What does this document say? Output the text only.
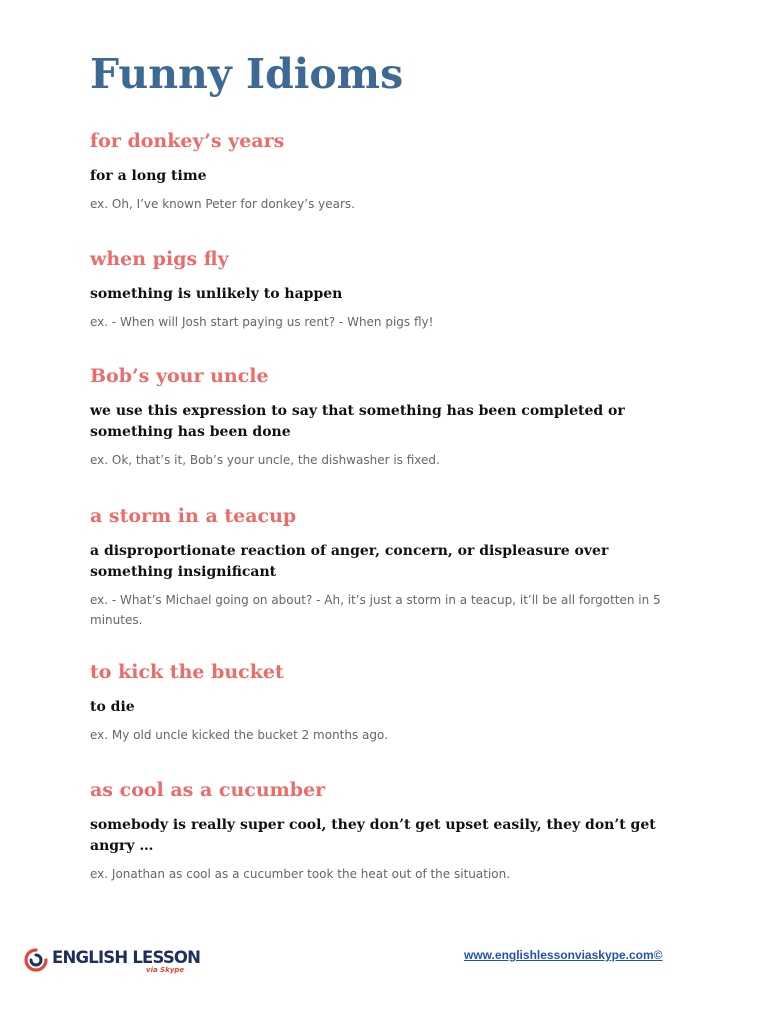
Funny Idioms
for donkey’s years

for a long time

ex. Oh, I’ve known Peter for donkey’s years.

when pigs fly

something is unlikely to happen

ex. - When will Josh start paying us rent? - When pigs fly!

Bob’s your uncle

we use this expression to say that something has been completed or something has been done

ex. Ok, that’s it, Bob’s your uncle, the dishwasher is fixed.

a storm in a teacup

a disproportionate reaction of anger, concern, or displeasure over something insignificant

ex. - What’s Michael going on about? - Ah, it’s just a storm in a teacup, it’ll be all forgotten in 5 minutes.

to kick the bucket

to die

ex. My old uncle kicked the bucket 2 months ago.

as cool as a cucumber

somebody is really super cool, they don’t get upset easily, they don’t get angry …

ex. Jonathan as cool as a cucumber took the heat out of the situation.

ENGLISH LESSON
via Skype
www.englishlessonviaskype.com©
